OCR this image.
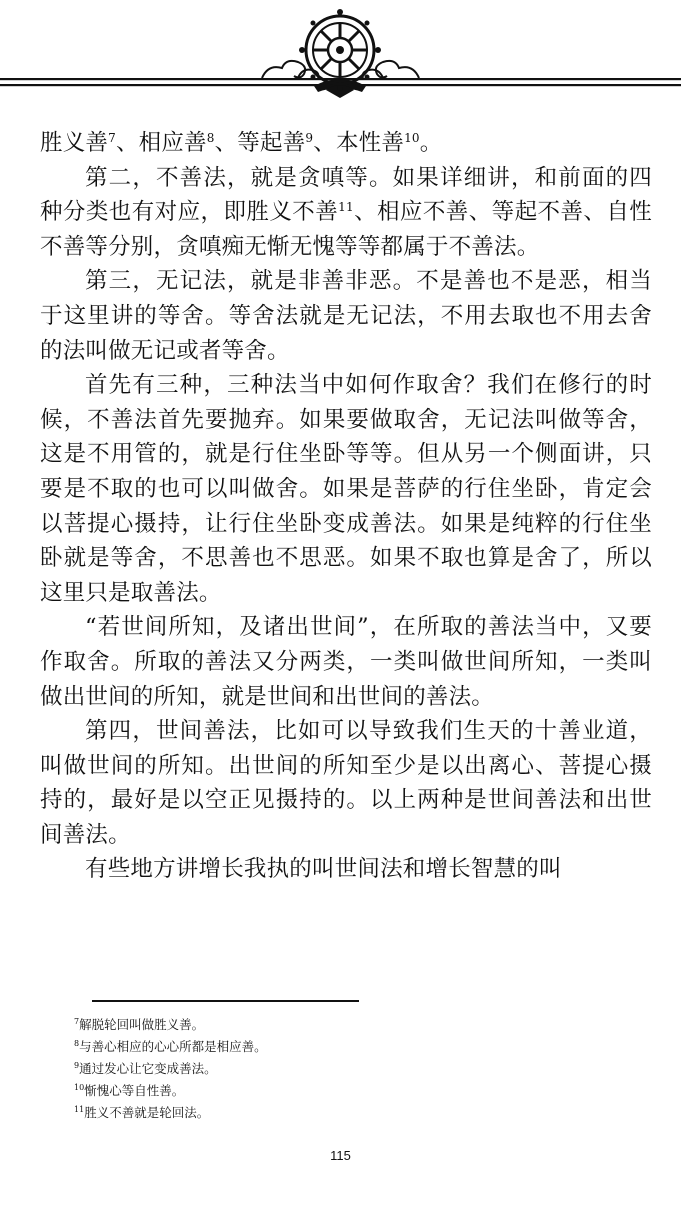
胜义善$^7$、相应善$^8$、等起善$^9$、本性善$^{10}$。

第二，不善法，就是贪嗔等。如果详细讲，和前面的四种分类也有对应，即胜义不善$^{11}$、相应不善、等起不善、自性不善等分别，贪嗔痴无惭无愧等等都属于不善法。

第三，无记法，就是非善非恶。不是善也不是恶，相当于这里讲的等舍。等舍法就是无记法，不用去取也不用去舍的法叫做无记或者等舍。

首先有三种，三种法当中如何作取舍？我们在修行的时候，不善法首先要抛弃。如果要做取舍，无记法叫做等舍，这是不用管的，就是行住坐卧等等。但从另一个侧面讲，只要是不取的也可以叫做舍。如果是菩萨的行住坐卧，肯定会以菩提心摄持，让行住坐卧变成善法。如果是纯粹的行住坐卧就是等舍，不思善也不思恶。如果不取也算是舍了，所以这里只是取善法。

“若世间所知，及诸出世间”，在所取的善法当中，又要作取舍。所取的善法又分两类，一类叫做世间所知，一类叫做出世间的所知，就是世间和出世间的善法。

第四，世间善法，比如可以导致我们生天的十善业道，叫做世间的所知。出世间的所知至少是以出离心、菩提心摄持的，最好是以空正见摄持的。以上两种是世间善法和出世间善法。

有些地方讲增长我执的叫世间法和增长智慧的叫

$^7$解脱轮回叫做胜义善。
$^8$与善心相应的心心所都是相应善。
$^9$通过发心让它变成善法。
$^{10}$惭愧心等自性善。
$^{11}$胜义不善就是轮回法。
115
